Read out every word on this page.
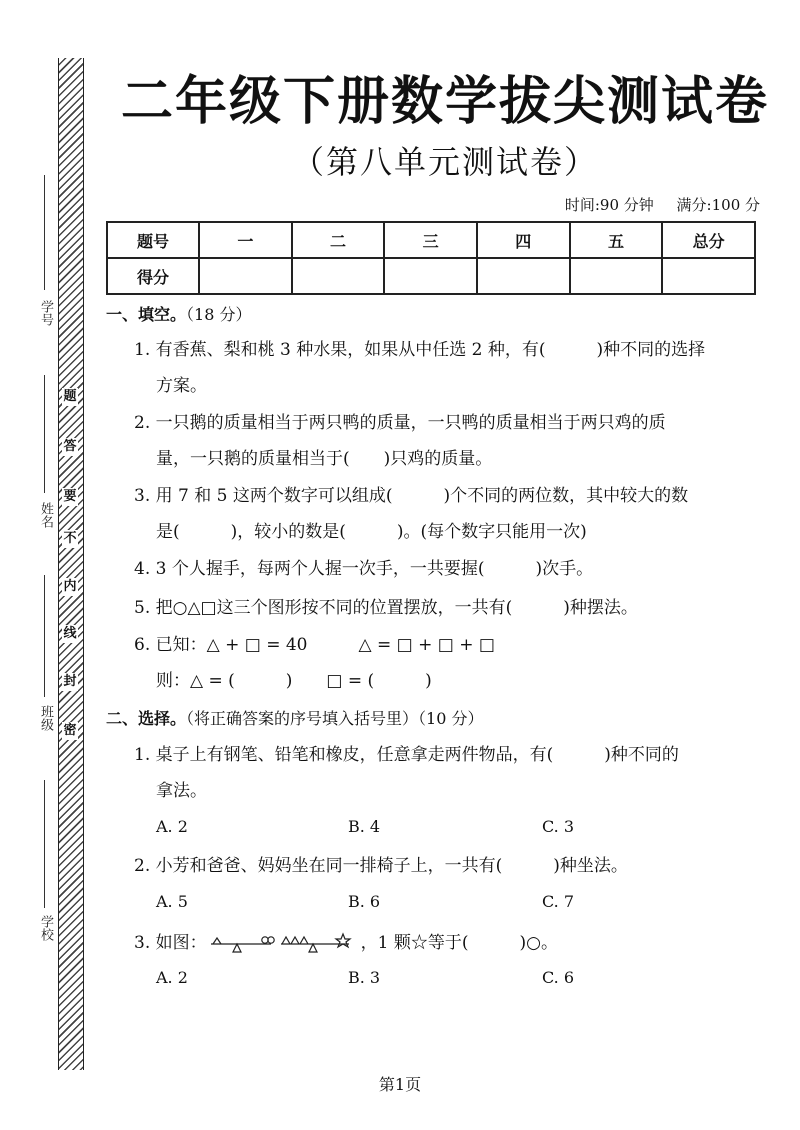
学号
姓名
班级
学校
题
答
要
不
内
线
封
密
二年级下册数学拔尖测试卷
（第八单元测试卷）
时间:90 分钟 满分:100 分
题号	一	二	三	四	五	总分
得分						
一、填空。（18 分）
1. 有香蕉、梨和桃 3 种水果，如果从中任选 2 种，有(　　　)种不同的选择
方案。
2. 一只鹅的质量相当于两只鸭的质量，一只鸭的质量相当于两只鸡的质
量，一只鹅的质量相当于(　　)只鸡的质量。
3. 用 7 和 5 这两个数字可以组成(　　　)个不同的两位数，其中较大的数
是(　　　)，较小的数是(　　　)。(每个数字只能用一次)
4. 3 个人握手，每两个人握一次手，一共要握(　　　)次手。
5. 把○△□这三个图形按不同的位置摆放，一共有(　　　)种摆法。
6. 已知：△ + □ = 40　　　△ = □ + □ + □
则：△ = (　　　)　　□ = (　　　)
二、选择。（将正确答案的序号填入括号里）（10 分）
1. 桌子上有钢笔、铅笔和橡皮，任意拿走两件物品，有(　　　)种不同的
拿法。
A. 2	B. 4	C. 3
2. 小芳和爸爸、妈妈坐在同一排椅子上，一共有(　　　)种坐法。
A. 5	B. 6	C. 7
3. 如图：	，1 颗☆等于(　　　)○。
A. 2	B. 3	C. 6
第1页
